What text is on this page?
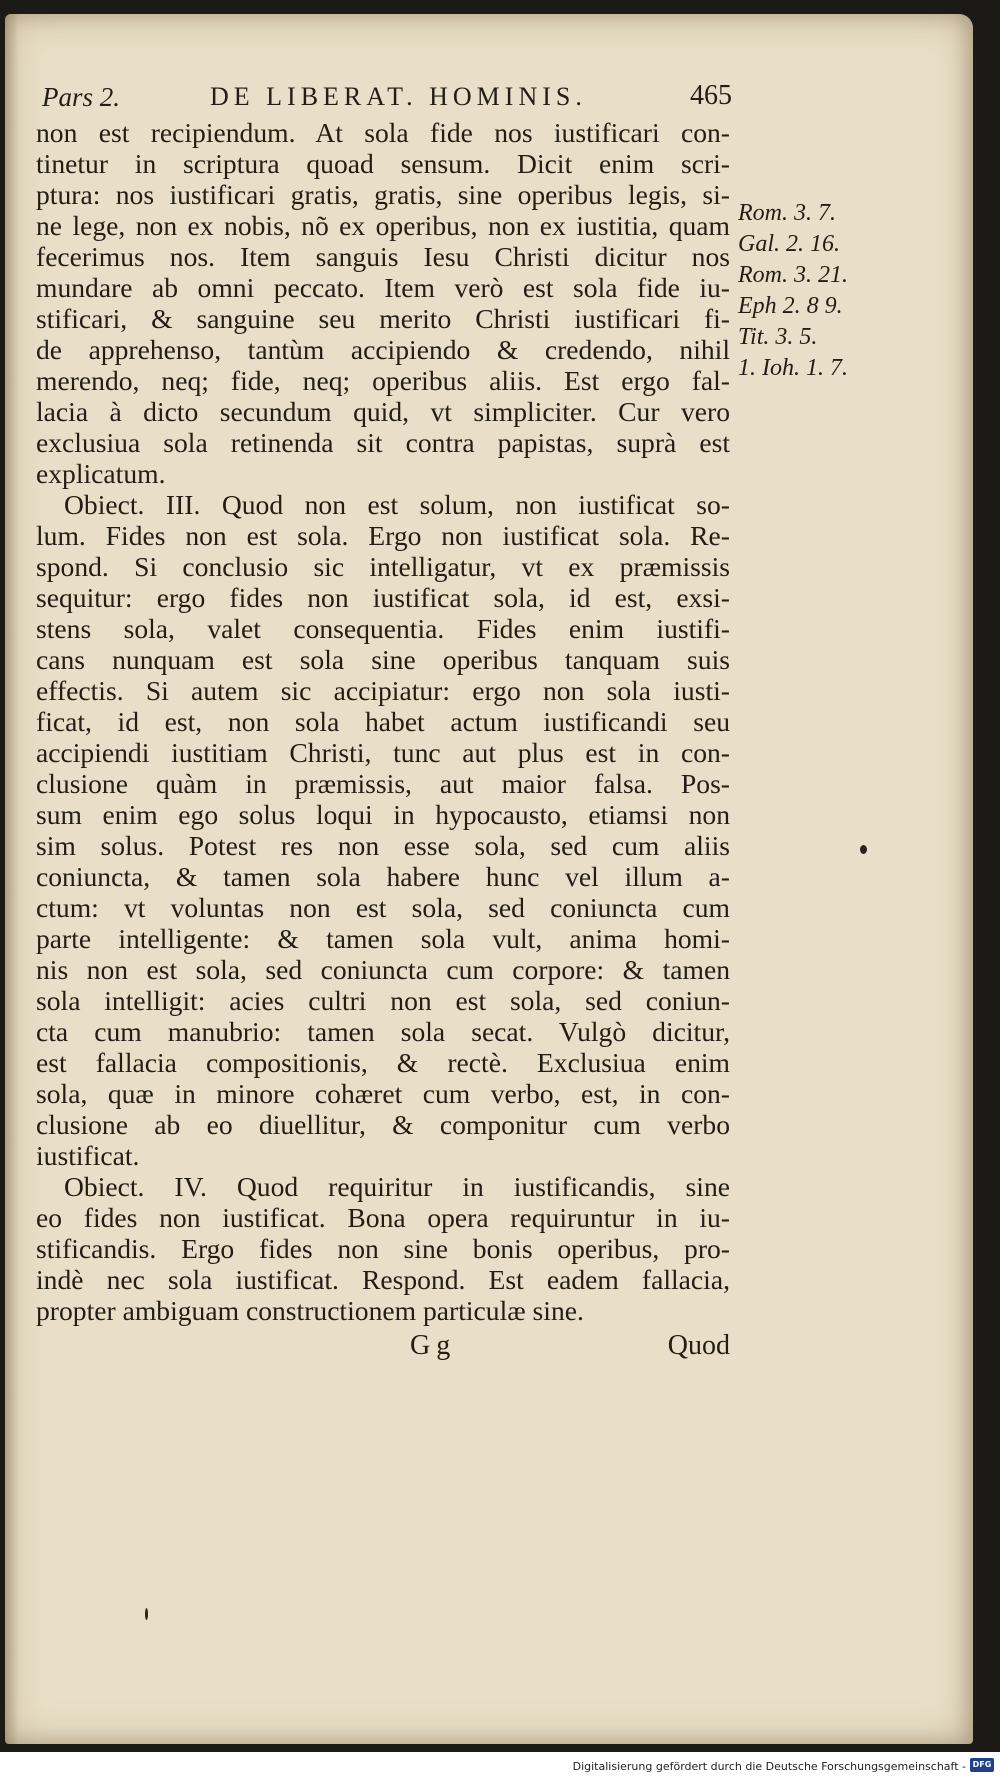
Pars 2.	DE LIBERAT. HOMINIS.	465
non est recipiendum. At sola fide nos iustificari con-
tinetur in scriptura quoad sensum. Dicit enim scri-
ptura: nos iustificari gratis, gratis, sine operibus legis, si-
ne lege, non ex nobis, nõ ex operibus, non ex iustitia, quam
fecerimus nos. Item sanguis Iesu Christi dicitur nos
mundare ab omni peccato. Item verò est sola fide iu-
stificari, & sanguine seu merito Christi iustificari fi-
de apprehenso, tantùm accipiendo & credendo, nihil
merendo, neq; fide, neq; operibus aliis. Est ergo fal-
lacia à dicto secundum quid, vt simpliciter. Cur vero
exclusiua sola retinenda sit contra papistas, suprà est
explicatum.
Obiect. III. Quod non est solum, non iustificat so-
lum. Fides non est sola. Ergo non iustificat sola. Re-
spond. Si conclusio sic intelligatur, vt ex præmissis
sequitur: ergo fides non iustificat sola, id est, exsi-
stens sola, valet consequentia. Fides enim iustifi-
cans nunquam est sola sine operibus tanquam suis
effectis. Si autem sic accipiatur: ergo non sola iusti-
ficat, id est, non sola habet actum iustificandi seu
accipiendi iustitiam Christi, tunc aut plus est in con-
clusione quàm in præmissis, aut maior falsa. Pos-
sum enim ego solus loqui in hypocausto, etiamsi non
sim solus. Potest res non esse sola, sed cum aliis
coniuncta, & tamen sola habere hunc vel illum a-
ctum: vt voluntas non est sola, sed coniuncta cum
parte intelligente: & tamen sola vult, anima homi-
nis non est sola, sed coniuncta cum corpore: & tamen
sola intelligit: acies cultri non est sola, sed coniun-
cta cum manubrio: tamen sola secat. Vulgò dicitur,
est fallacia compositionis, & rectè. Exclusiua enim
sola, quæ in minore cohæret cum verbo, est, in con-
clusione ab eo diuellitur, & componitur cum verbo
iustificat.
Obiect. IV. Quod requiritur in iustificandis, sine
eo fides non iustificat. Bona opera requiruntur in iu-
stificandis. Ergo fides non sine bonis operibus, pro-
indè nec sola iustificat. Respond. Est eadem fallacia,
propter ambiguam constructionem particulæ sine.
Rom. 3. 7.
Gal. 2. 16.
Rom. 3. 21.
Eph 2. 8 9.
Tit. 3. 5.
1. Ioh. 1. 7.
Gg	Quod
Digitalisierung gefördert durch die Deutsche Forschungsgemeinschaft - DFG
